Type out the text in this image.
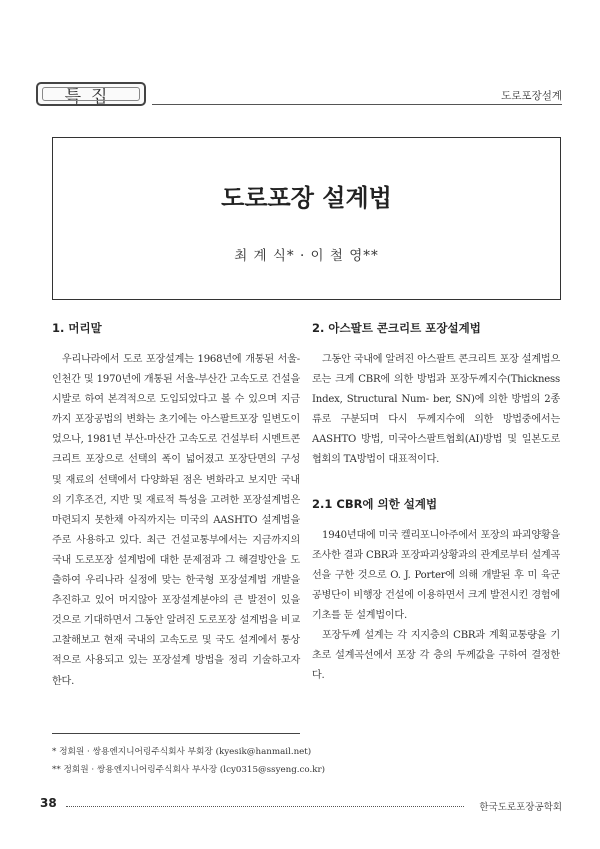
특집	도로포장설계
도로포장 설계법
최 계 식* · 이 철 영**
1. 머리말

우리나라에서 도로 포장설계는 1968년에 개통된 서울-인천간 및 1970년에 개통된 서울-부산간 고속도로 건설을 시발로 하여 본격적으로 도입되었다고 볼 수 있으며 지금까지 포장공법의 변화는 초기에는 아스팔트포장 일변도이었으나, 1981년 부산-마산간 고속도로 건설부터 시멘트콘크리트 포장으로 선택의 폭이 넓어졌고 포장단면의 구성 및 재료의 선택에서 다양화된 점은 변화라고 보지만 국내의 기후조건, 지반 및 재료적 특성을 고려한 포장설계법은 마련되지 못한채 아직까지는 미국의 AASHTO 설계법을 주로 사용하고 있다. 최근 건설교통부에서는 지금까지의 국내 도로포장 설계법에 대한 문제점과 그 해결방안을 도출하여 우리나라 실정에 맞는 한국형 포장설계법 개발을 추진하고 있어 머지않아 포장설계분야의 큰 발전이 있을 것으로 기대하면서 그동안 알려진 도로포장 설계법을 비교 고찰해보고 현재 국내의 고속도로 및 국도 설계에서 통상적으로 사용되고 있는 포장설계 방법을 정리 기술하고자 한다.

2. 아스팔트 콘크리트 포장설계법

그동안 국내에 알려진 아스팔트 콘크리트 포장 설계법으로는 크게 CBR에 의한 방법과 포장두께지수(Thickness Index, Structural Num- ber, SN)에 의한 방법의 2종류로 구분되며 다시 두께지수에 의한 방법중에서는 AASHTO 방법, 미국아스팔트협회(AI)방법 및 일본도로협회의 TA방법이 대표적이다.

2.1 CBR에 의한 설계법

1940년대에 미국 켈리포니아주에서 포장의 파괴양황을 조사한 결과 CBR과 포장파괴상황과의 관계로부터 설계곡선을 구한 것으로 O. J. Porter에 의해 개발된 후 미 육군공병단이 비행장 건설에 이용하면서 크게 발전시킨 경험에 기초를 둔 설계법이다.

포장두께 설계는 각 지지층의 CBR과 계획교통량을 기초로 설계곡선에서 포장 각 층의 두께값을 구하여 결정한다.

* 정회원 · 쌍용엔지니어링주식회사 부회장 (kyesik@hanmail.net)
** 정회원 · 쌍용엔지니어링주식회사 부사장 (lcy0315@ssyeng.co.kr)
38	한국도로포장공학회
